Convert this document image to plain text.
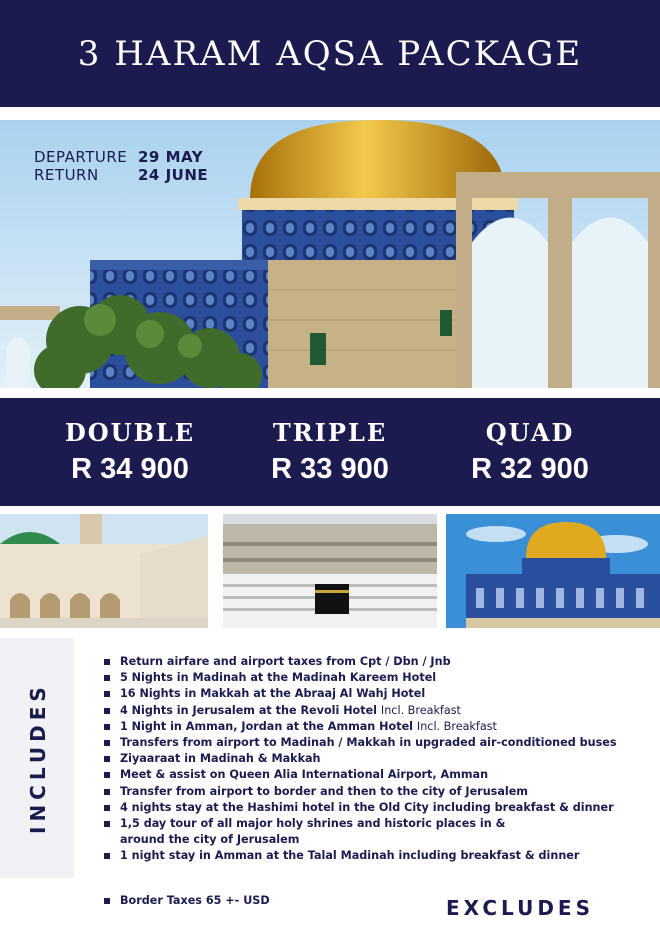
3 HARAM AQSA PACKAGE
DEPARTURE 29 MAY
RETURN	24 JUNE
DOUBLE
R 34 900
TRIPLE
R 33 900
QUAD
R 32 900
INCLUDES
Return airfare and airport taxes from Cpt / Dbn / Jnb
5 Nights in Madinah at the Madinah Kareem Hotel
16 Nights in Makkah at the Abraaj Al Wahj Hotel
4 Nights in Jerusalem at the Revoli Hotel Incl. Breakfast
1 Night in Amman, Jordan at the Amman Hotel Incl. Breakfast
Transfers from airport to Madinah / Makkah in upgraded air-conditioned buses
Ziyaaraat in Madinah & Makkah
Meet & assist on Queen Alia International Airport, Amman
Transfer from airport to border and then to the city of Jerusalem
4 nights stay at the Hashimi hotel in the Old City including breakfast & dinner
1,5 day tour of all major holy shrines and historic places in & around the city of Jerusalem
1 night stay in Amman at the Talal Madinah including breakfast & dinner
Border Taxes 65 +- USD	EXCLUDES
